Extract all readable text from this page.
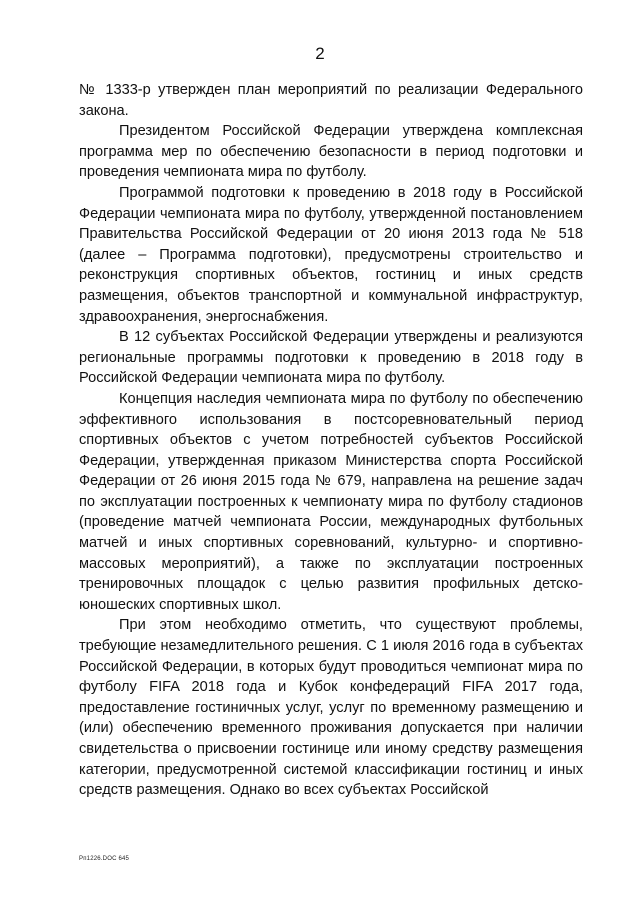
2

№ 1333-р утвержден план мероприятий по реализации Федерального закона.

Президентом Российской Федерации утверждена комплексная программа мер по обеспечению безопасности в период подготовки и проведения чемпионата мира по футболу.

Программой подготовки к проведению в 2018 году в Российской Федерации чемпионата мира по футболу, утвержденной постановлением Правительства Российской Федерации от 20 июня 2013 года № 518 (далее – Программа подготовки), предусмотрены строительство и реконструкция спортивных объектов, гостиниц и иных средств размещения, объектов транспортной и коммунальной инфраструктур, здравоохранения, энергоснабжения.

В 12 субъектах Российской Федерации утверждены и реализуются региональные программы подготовки к проведению в 2018 году в Российской Федерации чемпионата мира по футболу.

Концепция наследия чемпионата мира по футболу по обеспечению эффективного использования в постсоревновательный период спортивных объектов с учетом потребностей субъектов Российской Федерации, утвержденная приказом Министерства спорта Российской Федерации от 26 июня 2015 года № 679, направлена на решение задач по эксплуатации построенных к чемпионату мира по футболу стадионов (проведение матчей чемпионата России, международных футбольных матчей и иных спортивных соревнований, культурно- и спортивно-массовых мероприятий), а также по эксплуатации построенных тренировочных площадок с целью развития профильных детско-юношеских спортивных школ.

При этом необходимо отметить, что существуют проблемы, требующие незамедлительного решения. С 1 июля 2016 года в субъектах Российской Федерации, в которых будут проводиться чемпионат мира по футболу FIFA 2018 года и Кубок конфедераций FIFA 2017 года, предоставление гостиничных услуг, услуг по временному размещению и (или) обеспечению временного проживания допускается при наличии свидетельства о присвоении гостинице или иному средству размещения категории, предусмотренной системой классификации гостиниц и иных средств размещения. Однако во всех субъектах Российской

Рп1226.DOC 645
